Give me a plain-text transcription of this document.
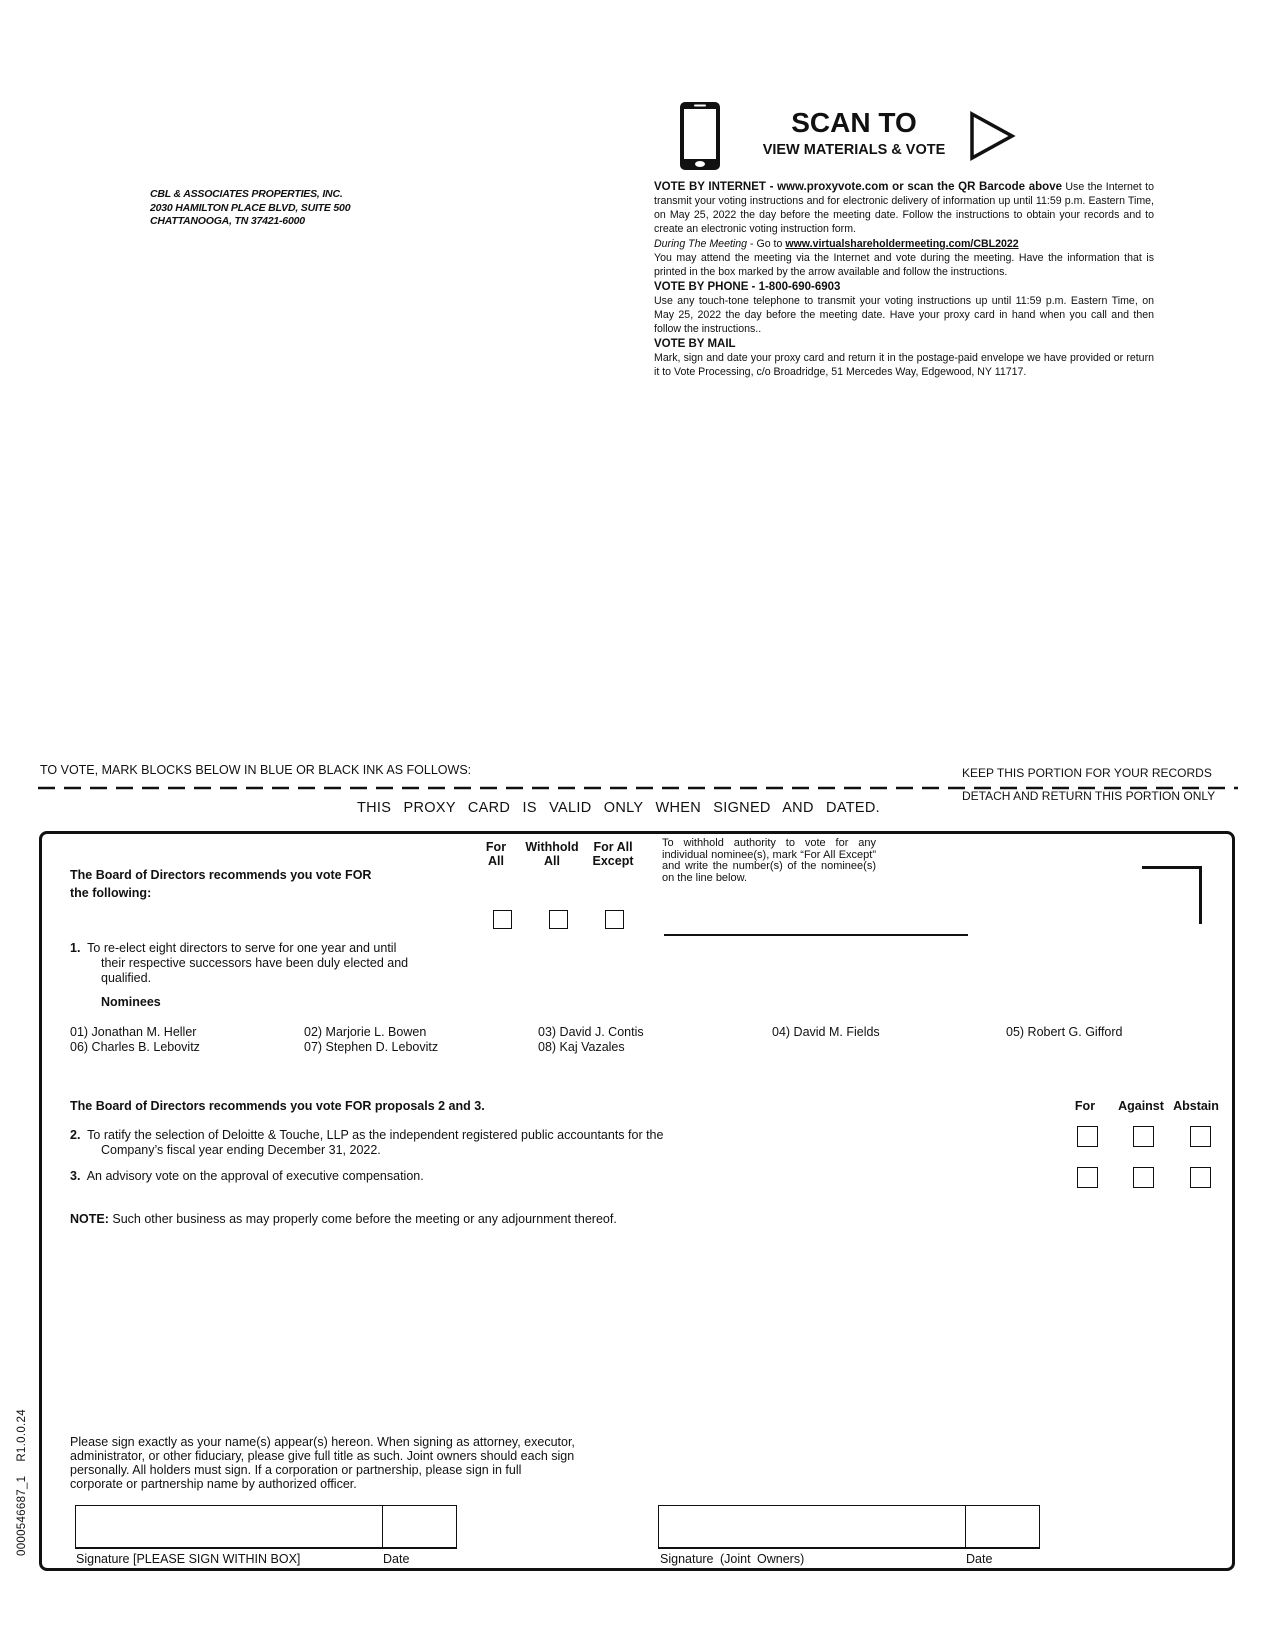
CBL & ASSOCIATES PROPERTIES, INC.
2030 HAMILTON PLACE BLVD, SUITE 500
CHATTANOOGA, TN 37421-6000
SCAN TO
VIEW MATERIALS & VOTE

VOTE BY INTERNET - www.proxyvote.com or scan the QR Barcode above Use the Internet to transmit your voting instructions and for electronic delivery of information up until 11:59 p.m. Eastern Time, on May 25, 2022 the day before the meeting date. Follow the instructions to obtain your records and to create an electronic voting instruction form.

During The Meeting - Go to www.virtualshareholdermeeting.com/CBL2022

You may attend the meeting via the Internet and vote during the meeting. Have the information that is printed in the box marked by the arrow available and follow the instructions.

VOTE BY PHONE - 1-800-690-6903

Use any touch-tone telephone to transmit your voting instructions up until 11:59 p.m. Eastern Time, on May 25, 2022 the day before the meeting date. Have your proxy card in hand when you call and then follow the instructions..

VOTE BY MAIL

Mark, sign and date your proxy card and return it in the postage-paid envelope we have provided or return it to Vote Processing, c/o Broadridge, 51 Mercedes Way, Edgewood, NY 11717.

TO VOTE, MARK BLOCKS BELOW IN BLUE OR BLACK INK AS FOLLOWS:	KEEP THIS PORTION FOR YOUR RECORDS
DETACH AND RETURN THIS PORTION ONLY
THIS PROXY CARD IS VALID ONLY WHEN SIGNED AND DATED.
The Board of Directors recommends you vote FOR
the following:
For
All
Withhold
All
For All
Except
To withhold authority to vote for any individual nominee(s), mark “For All Except” and write the number(s) of the nominee(s) on the line below.
1. To re-elect eight directors to serve for one year and until
their respective successors have been duly elected and
qualified.
Nominees
01) Jonathan M. Heller	02) Marjorie L. Bowen	03) David J. Contis	04) David M. Fields	05) Robert G. Gifford
06) Charles B. Lebovitz	07) Stephen D. Lebovitz	08) Kaj Vazales
The Board of Directors recommends you vote FOR proposals 2 and 3.	For	Against Abstain
2. To ratify the selection of Deloitte & Touche, LLP as the independent registered public accountants for the
Company’s fiscal year ending December 31, 2022.
3. An advisory vote on the approval of executive compensation.
NOTE: Such other business as may properly come before the meeting or any adjournment thereof.
Please sign exactly as your name(s) appear(s) hereon. When signing as attorney, executor,
administrator, or other fiduciary, please give full title as such. Joint owners should each sign
personally. All holders must sign. If a corporation or partnership, please sign in full
corporate or partnership name by authorized officer.
Signature [PLEASE SIGN WITHIN BOX]	Date	Signature (Joint Owners)	Date
0000546687_1    R1.0.0.24
